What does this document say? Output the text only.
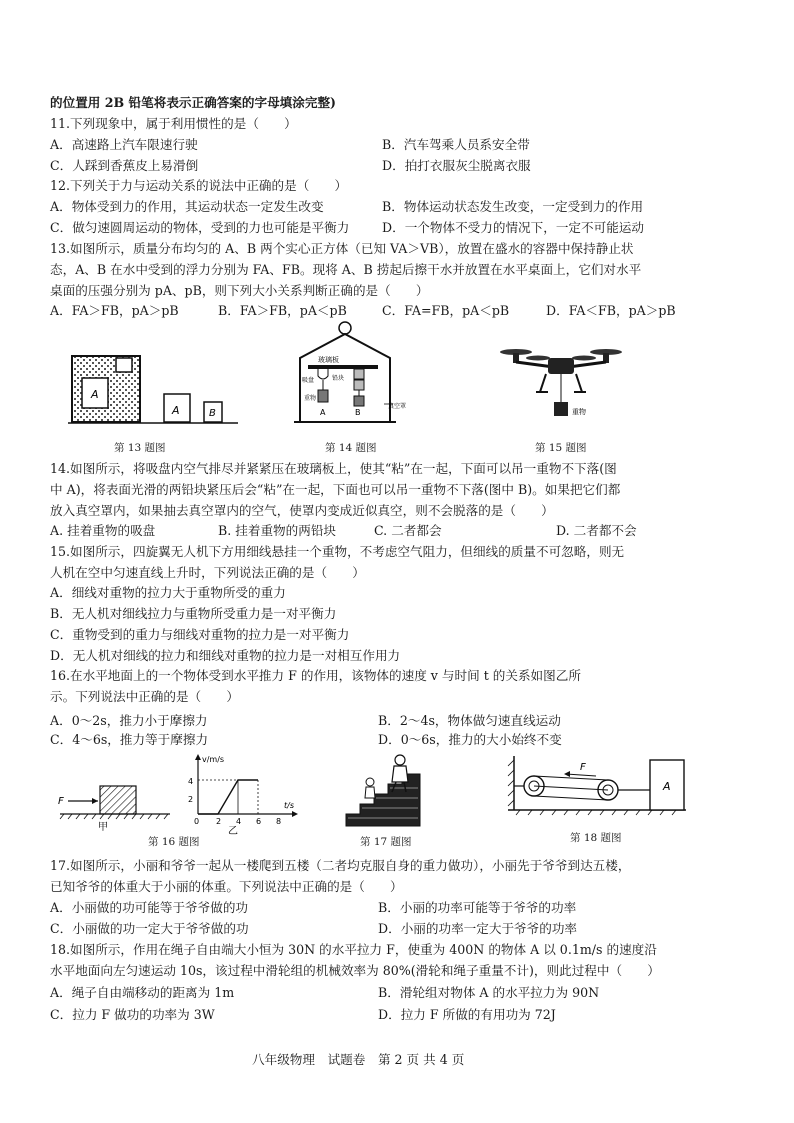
的位置用 2B 铅笔将表示正确答案的字母填涂完整)
11.下列现象中，属于利用惯性的是（　　）
A．高速路上汽车限速行驶	B．汽车驾乘人员系安全带
C．人踩到香蕉皮上易滑倒	D．拍打衣服灰尘脱离衣服
12.下列关于力与运动关系的说法中正确的是（　　）
A．物体受到力的作用，其运动状态一定发生改变	B．物体运动状态发生改变，一定受到力的作用
C．做匀速圆周运动的物体，受到的力也可能是平衡力	D．一个物体不受力的情况下，一定不可能运动
13.如图所示，质量分布均匀的 A、B 两个实心正方体（已知 VA＞VB），放置在盛水的容器中保持静止状
态，A、B 在水中受到的浮力分别为 FA、FB。现将 A、B 捞起后擦干水并放置在水平桌面上，它们对水平
桌面的压强分别为 pA、pB，则下列大小关系判断正确的是（　　）
A．FA＞FB，pA＞pB	B．FA＞FB，pA＜pB	C．FA=FB，pA＜pB	D．FA＜FB，pA＞pB
A
A	B
第 13 题图
玻璃板
吸盘	铅块
重物
A	B
真空罩
第 14 题图
重物
第 15 题图
14.如图所示，将吸盘内空气排尽并紧紧压在玻璃板上，使其“粘”在一起，下面可以吊一重物不下落(图
中 A)，将表面光滑的两铅块紧压后会“粘”在一起，下面也可以吊一重物不下落(图中 B)。如果把它们都
放入真空罩内，如果抽去真空罩内的空气，使罩内变成近似真空，则不会脱落的是（　　）
A. 挂着重物的吸盘	B. 挂着重物的两铅块	C. 二者都会	D. 二者都不会
15.如图所示，四旋翼无人机下方用细线悬挂一个重物，不考虑空气阻力，但细线的质量不可忽略，则无
人机在空中匀速直线上升时，下列说法正确的是（　　）
A．细线对重物的拉力大于重物所受的重力
B．无人机对细线拉力与重物所受重力是一对平衡力
C．重物受到的重力与细线对重物的拉力是一对平衡力
D．无人机对细线的拉力和细线对重物的拉力是一对相互作用力
16.在水平地面上的一个物体受到水平推力 F 的作用，该物体的速度 v 与时间 t 的关系如图乙所
示。下列说法中正确的是（　　）
A．0～2s，推力小于摩擦力	B．2～4s，物体做匀速直线运动
C．4～6s，推力等于摩擦力	D．0～6s，推力的大小始终不变
F
甲
v/m/s
t/s
4
2
0 2 4 6 8
乙
第 16 题图	第 17 题图
F
A
第 18 题图
17.如图所示，小丽和爷爷一起从一楼爬到五楼（二者均克服自身的重力做功），小丽先于爷爷到达五楼，
已知爷爷的体重大于小丽的体重。下列说法中正确的是（　　）
A．小丽做的功可能等于爷爷做的功	B．小丽的功率可能等于爷爷的功率
C．小丽做的功一定大于爷爷做的功	D．小丽的功率一定大于爷爷的功率
18.如图所示，作用在绳子自由端大小恒为 30N 的水平拉力 F，使重为 400N 的物体 A 以 0.1m/s 的速度沿
水平地面向左匀速运动 10s，该过程中滑轮组的机械效率为 80%(滑轮和绳子重量不计)，则此过程中（　　）
A．绳子自由端移动的距离为 1m	B．滑轮组对物体 A 的水平拉力为 90N
C．拉力 F 做功的功率为 3W	D．拉力 F 所做的有用功为 72J
八年级物理　试题卷　第 2 页 共 4 页
